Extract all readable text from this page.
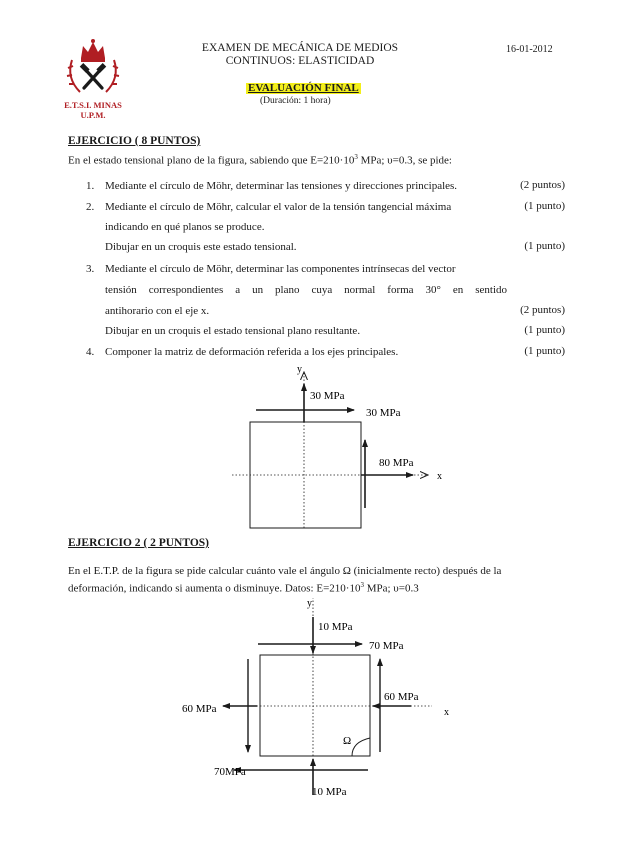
E.T.S.I. MINAS
U.P.M.
EXAMEN DE MECÁNICA DE MEDIOS
CONTINUOS: ELASTICIDAD
16-01-2012
EVALUACIÓN FINAL
(Duración: 1 hora)
EJERCICIO ( 8 PUNTOS)
En el estado tensional plano de la figura, sabiendo que $E=210\cdot 10^3$ MPa; υ=0.3, se pide:
1. Mediante el círculo de Möhr, determinar las tensiones y direcciones principales.	(2 puntos)
2. Mediante el círculo de Möhr, calcular el valor de la tensión tangencial máxima	(1 punto)
indicando en qué planos se produce.
Dibujar en un croquis este estado tensional.	(1 punto)
3. Mediante el círculo de Möhr, determinar las componentes intrínsecas del vector
tensión correspondientes a un plano cuya normal forma 30° en sentido
antihorario con el eje x.	(2 puntos)
Dibujar en un croquis el estado tensional plano resultante.	(1 punto)
4. Componer la matriz de deformación referida a los ejes principales.	(1 punto)
y
x
30 MPa
30 MPa
80 MPa
y
x
10 MPa
70 MPa
60 MPa
60 MPa
Ω
70MPa
10 MPa
EJERCICIO 2 ( 2 PUNTOS)
En el E.T.P. de la figura se pide calcular cuánto vale el ángulo Ω (inicialmente recto) después de la
deformación, indicando si aumenta o disminuye. Datos: $E=210\cdot 10^3$ MPa; υ=0.3
